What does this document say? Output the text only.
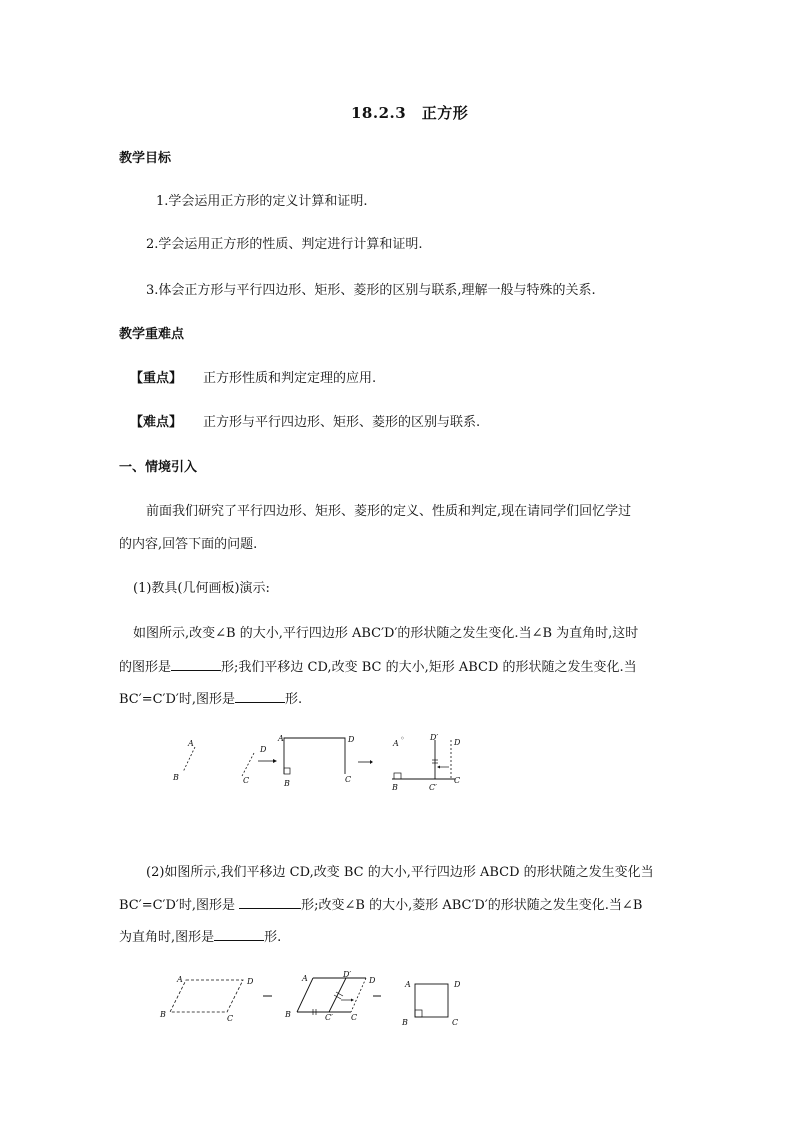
18.2.3　正方形
教学目标
1.学会运用正方形的定义计算和证明.
2.学会运用正方形的性质、判定进行计算和证明.
3.体会正方形与平行四边形、矩形、菱形的区别与联系,理解一般与特殊的关系.
教学重难点
【重点】 正方形性质和判定定理的应用.
【难点】 正方形与平行四边形、矩形、菱形的区别与联系.
一、情境引入
前面我们研究了平行四边形、矩形、菱形的定义、性质和判定,现在请同学们回忆学过
的内容,回答下面的问题.
(1)教具(几何画板)演示:
如图所示,改变∠B 的大小,平行四边形 ABC′D′的形状随之发生变化.当∠B 为直角时,这时
的图形是	形;我们平移边 CD,改变 BC 的大小,矩形 ABCD 的形状随之发生变化.当
BC′=C′D′时,图形是	形.
A
B
D
C
A	D
B	C
A
◦	D′
D
B	C′
C
(2)如图所示,我们平移边 CD,改变 BC 的大小,平行四边形 ABCD 的形状随之发生变化当
BC′=C′D′时,图形是	形;改变∠B 的大小,菱形 ABC′D′的形状随之发生变化.当∠B
为直角时,图形是	形.
A	D
B	C
A	D′
D
B	C′ C
A	D
B	C
